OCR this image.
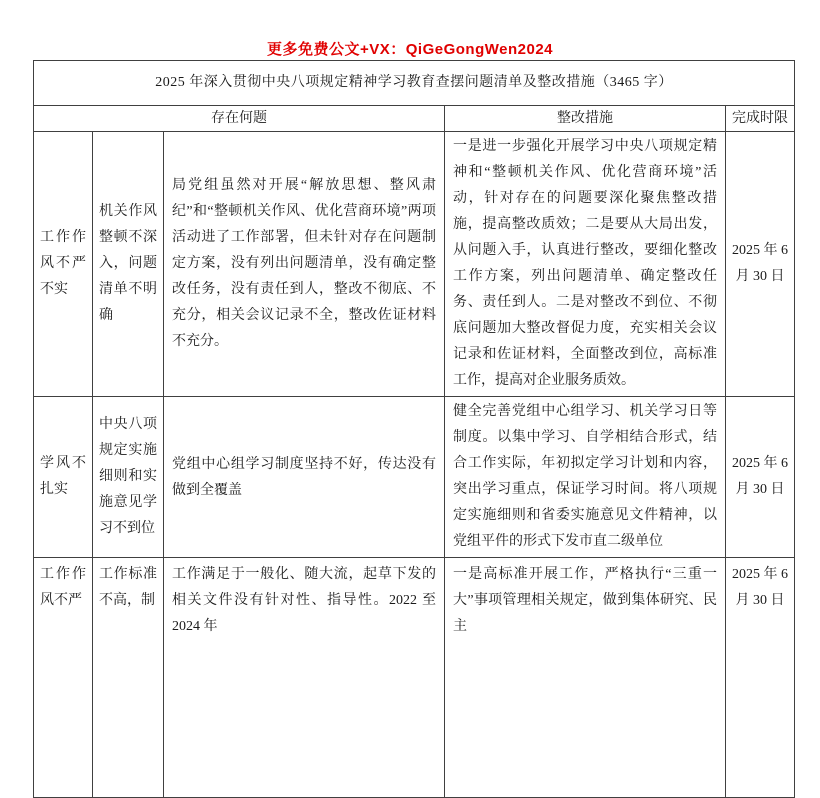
更多免费公文+VX：QiGeGongWen2024
2025 年深入贯彻中央八项规定精神学习教育查摆问题清单及整改措施（3465 字）				
存在何题			整改措施	完成时限
工作作风不严不实	机关作风整顿不深入，问题清单不明确	局党组虽然对开展“解放思想、整风肃纪”和“整顿机关作风、优化营商环境”两项活动进了工作部署，但未针对存在问题制定方案，没有列出问题清单，没有确定整改任务，没有责任到人，整改不彻底、不充分，相关会议记录不全，整改佐证材料不充分。	一是进一步强化开展学习中央八项规定精神和“整顿机关作风、优化营商环境”活动，针对存在的问题要深化聚焦整改措施，提高整改质效；二是要从大局出发，从问题入手，认真进行整改，要细化整改工作方案，列出问题清单、确定整改任务、责任到人。二是对整改不到位、不彻底问题加大整改督促力度，充实相关会议记录和佐证材料，全面整改到位，高标准工作，提高对企业服务质效。	2025 年 6 月 30 日
学风不扎实	中央八项规定实施细则和实施意见学习不到位	党组中心组学习制度坚持不好，传达没有做到全覆盖	健全完善党组中心组学习、机关学习日等制度。以集中学习、自学相结合形式，结合工作实际，年初拟定学习计划和内容，突出学习重点，保证学习时间。将八项规定实施细则和省委实施意见文件精神，以党组平件的形式下发市直二级单位	2025 年 6 月 30 日
工作作风不严	工作标准不高，制	工作满足于一般化、随大流，起草下发的相关文件没有针对性、指导性。2022 至 2024 年	一是高标准开展工作，严格执行“三重一大”事项管理相关规定，做到集体研究、民主	2025 年 6 月 30 日
